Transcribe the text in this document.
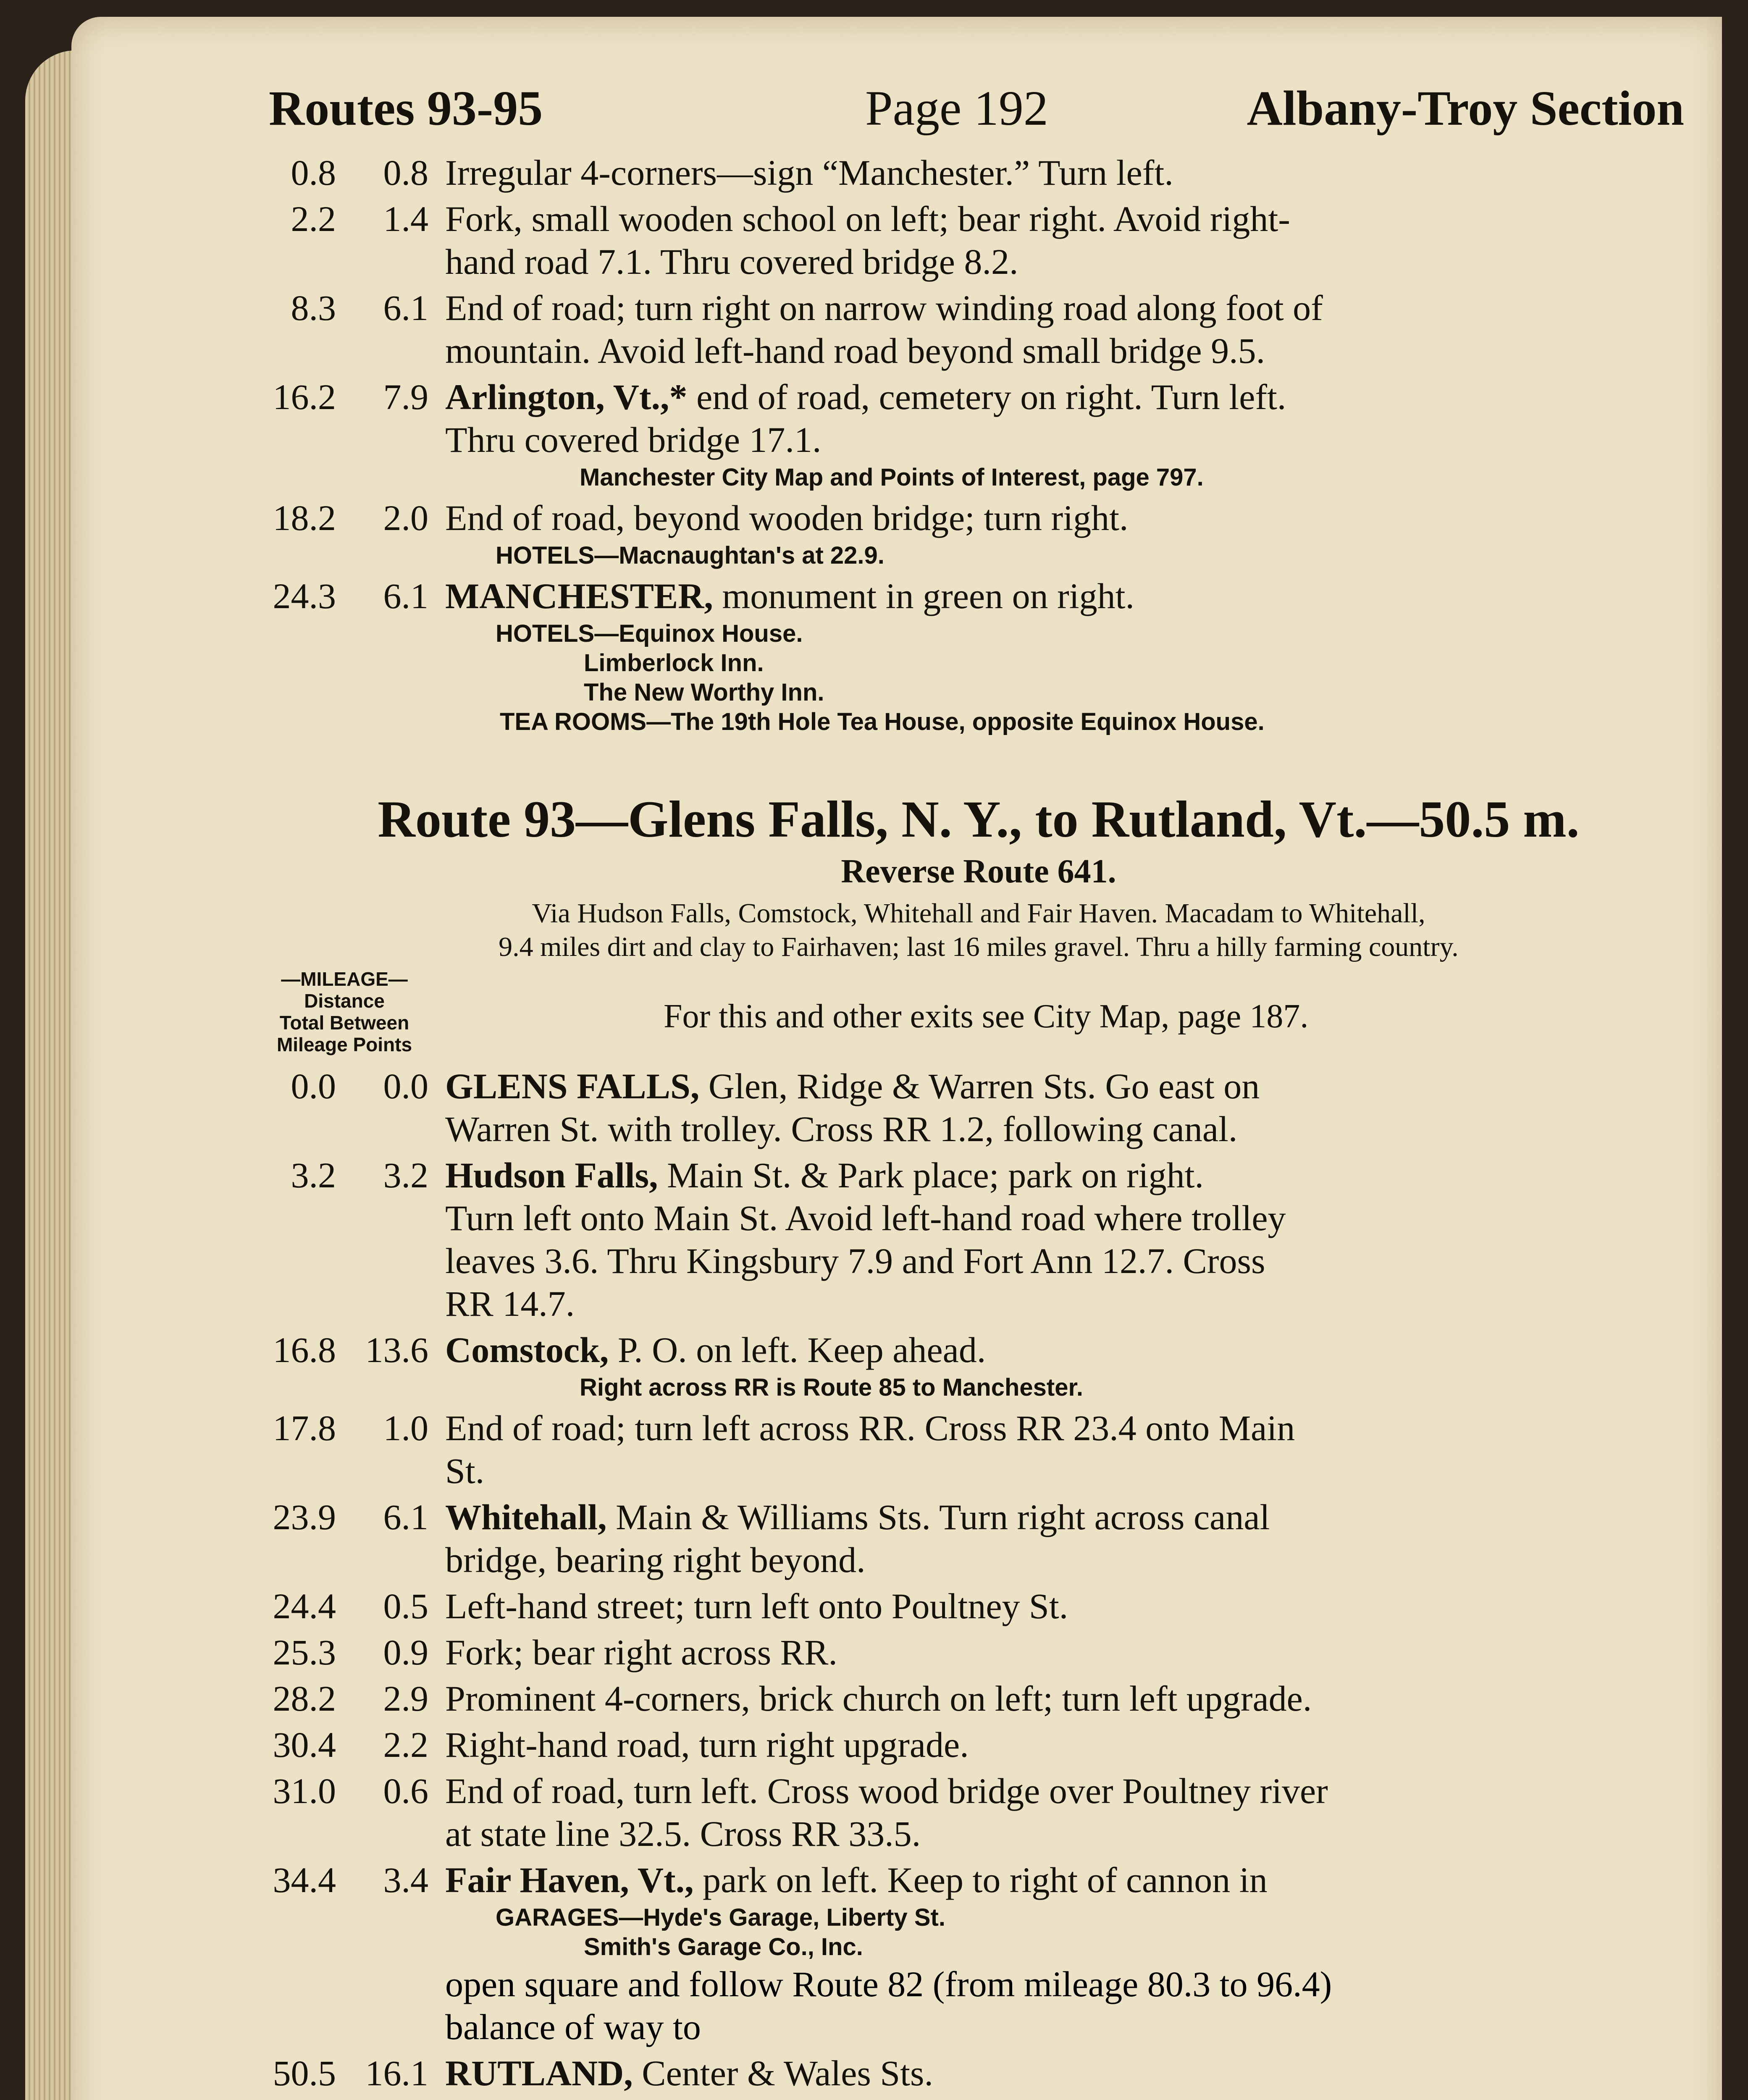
Routes 93-95	Page 192	Albany-Troy Section
0.8	0.8 Irregular 4-corners—sign “Manchester.” Turn left.
2.2	1.4 Fork, small wooden school on left; bear right. Avoid right-
hand road 7.1. Thru covered bridge 8.2.
8.3	6.1 End of road; turn right on narrow winding road along foot of
mountain. Avoid left-hand road beyond small bridge 9.5.
16.2	7.9 Arlington, Vt.,* end of road, cemetery on right. Turn left.
Thru covered bridge 17.1.
Manchester City Map and Points of Interest, page 797.
18.2	2.0 End of road, beyond wooden bridge; turn right.
HOTELS—Macnaughtan's at 22.9.
24.3	6.1 MANCHESTER, monument in green on right.
HOTELS—Equinox House.
Limberlock Inn.
The New Worthy Inn.
TEA ROOMS—The 19th Hole Tea House, opposite Equinox House.
Route 93—Glens Falls, N. Y., to Rutland, Vt.—50.5 m.
Reverse Route 641.
Via Hudson Falls, Comstock, Whitehall and Fair Haven. Macadam to Whitehall,
9.4 miles dirt and clay to Fairhaven; last 16 miles gravel. Thru a hilly farming country.
—MILEAGE—
Distance
Total Between
Mileage Points
For this and other exits see City Map, page 187.
0.0	0.0 GLENS FALLS, Glen, Ridge & Warren Sts. Go east on
Warren St. with trolley. Cross RR 1.2, following canal.
3.2	3.2 Hudson Falls, Main St. & Park place; park on right.
Turn left onto Main St. Avoid left-hand road where trolley
leaves 3.6. Thru Kingsbury 7.9 and Fort Ann 12.7. Cross
RR 14.7.
16.8 13.6 Comstock, P. O. on left. Keep ahead.
Right across RR is Route 85 to Manchester.
17.8	1.0 End of road; turn left across RR. Cross RR 23.4 onto Main
St.
23.9	6.1 Whitehall, Main & Williams Sts. Turn right across canal
bridge, bearing right beyond.
24.4	0.5 Left-hand street; turn left onto Poultney St.
25.3	0.9 Fork; bear right across RR.
28.2	2.9 Prominent 4-corners, brick church on left; turn left upgrade.
30.4	2.2 Right-hand road, turn right upgrade.
31.0	0.6 End of road, turn left. Cross wood bridge over Poultney river
at state line 32.5. Cross RR 33.5.
34.4	3.4 Fair Haven, Vt., park on left. Keep to right of cannon in
GARAGES—Hyde's Garage, Liberty St.
Smith's Garage Co., Inc.
open square and follow Route 82 (from mileage 80.3 to 96.4)
balance of way to
50.5 16.1 RUTLAND, Center & Wales Sts.
